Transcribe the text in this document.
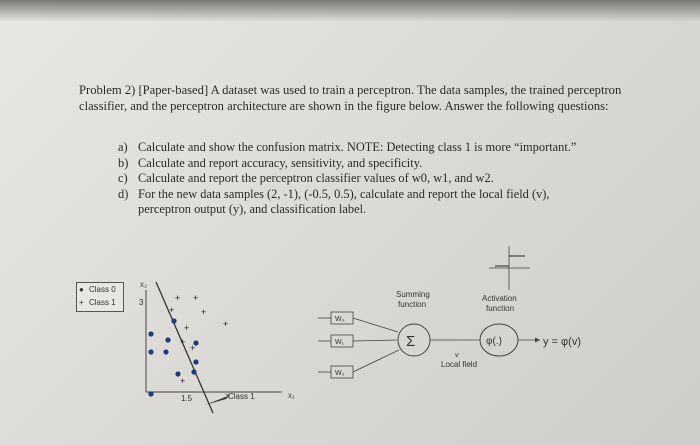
Problem 2) [Paper-based] A dataset was used to train a perceptron. The data samples, the trained perceptron classifier, and the perceptron architecture are shown in the figure below. Answer the following questions:
a) Calculate and show the confusion matrix. NOTE: Detecting class 1 is more “important.”
b) Calculate and report accuracy, sensitivity, and specificity.
c) Calculate and report the perceptron classifier values of w0, w1, and w2.
d) For the new data samples (2, -1), (-0.5, 0.5), calculate and report the local field (v), perceptron output (y), and classification label.
● Class 0
+ Class 1
x₂
x₁
3
1.5	Class 1
+ +
+
+
+
+
+
+
+
W₀
W₁
W₂
Σ
Summing
function
v
Local field
φ(.)
Activation
function
y = φ(v)
